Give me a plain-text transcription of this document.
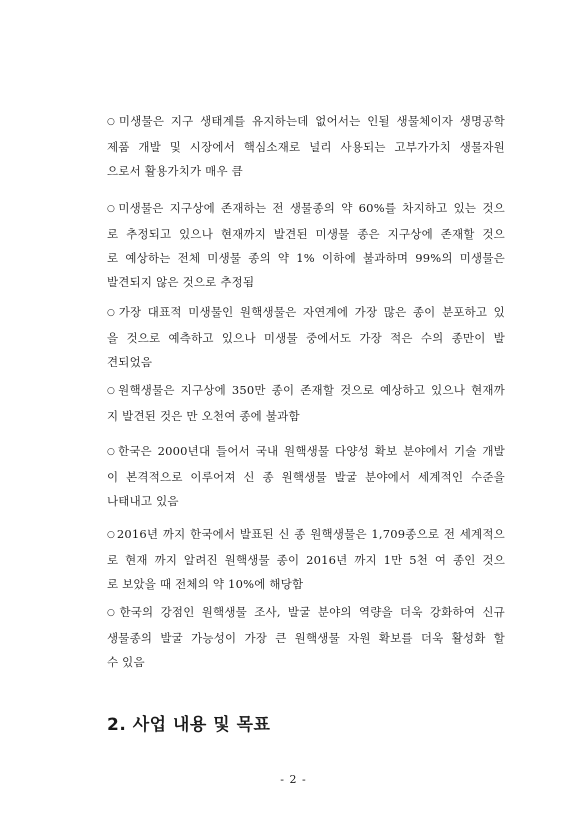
○미생물은 지구 생태계를 유지하는데 없어서는 인될 생물체이자 생명공학
제품 개발 및 시장에서 핵심소재로 널리 사용되는 고부가가치 생물자원
으로서 활용가치가 매우 큼
○미생물은 지구상에 존재하는 전 생물종의 약 60%를 차지하고 있는 것으
로 추정되고 있으나 현재까지 발견된 미생물 종은 지구상에 존재할 것으
로 예상하는 전체 미생물 종의 약 1% 이하에 불과하며 99%의 미생물은
발견되지 않은 것으로 추정됨
○가장 대표적 미생물인 원핵생물은 자연계에 가장 많은 종이 분포하고 있
을 것으로 예측하고 있으나 미생물 중에서도 가장 적은 수의 종만이 발
견되었음
○원핵생물은 지구상에 350만 종이 존재할 것으로 예상하고 있으나 현재까
지 발견된 것은 만 오천여 종에 불과함
○한국은 2000년대 들어서 국내 원핵생물 다양성 확보 분야에서 기술 개발
이 본격적으로 이루어져 신 종 원핵생물 발굴 분야에서 세계적인 수준을
나태내고 있음
○2016년 까지 한국에서 발표된 신 종 원핵생물은 1,709종으로 전 세계적으
로 현재 까지 알려진 원핵생물 종이 2016년 까지 1만 5천 여 종인 것으
로 보았을 때 전체의 약 10%에 해당함
○한국의 강점인 원핵생물 조사, 발굴 분야의 역량을 더욱 강화하여 신규
생물종의 발굴 가능성이 가장 큰 원핵생물 자원 확보를 더욱 활성화 할
수 있음
2. 사업 내용 및 목표
- 2 -
